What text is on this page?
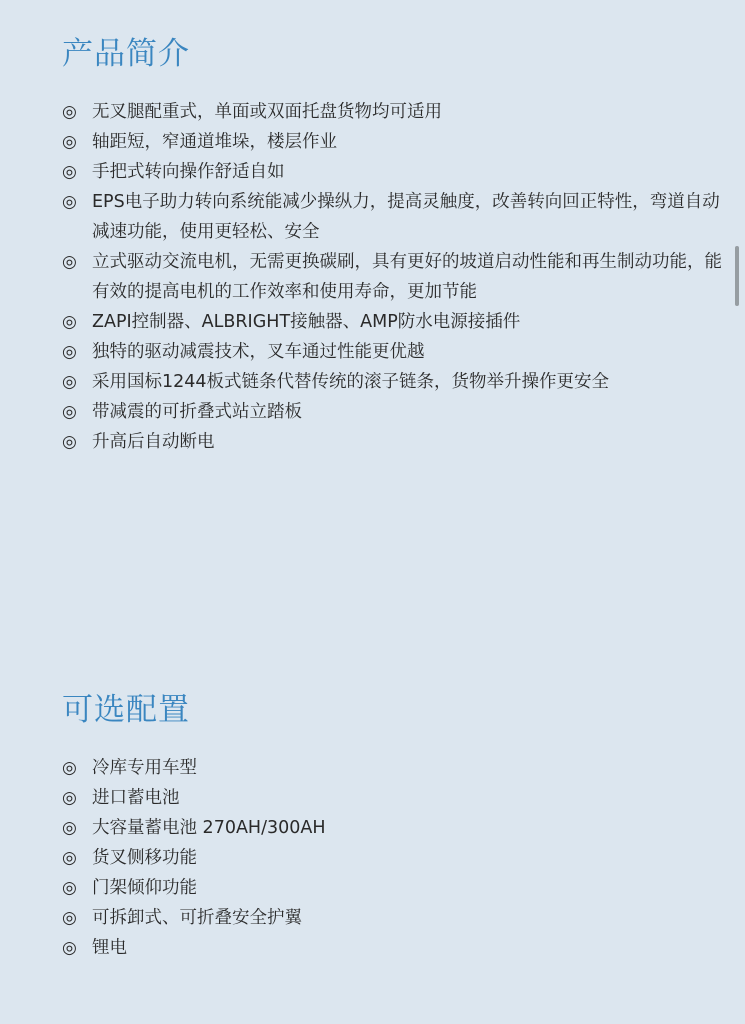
产品简介
◎ 无叉腿配重式，单面或双面托盘货物均可适用
◎ 轴距短，窄通道堆垛，楼层作业
◎ 手把式转向操作舒适自如
◎ EPS电子助力转向系统能减少操纵力，提高灵触度，改善转向回正特性，弯道自动减速功能，使用更轻松、安全
◎ 立式驱动交流电机，无需更换碳刷，具有更好的坡道启动性能和再生制动功能，能有效的提高电机的工作效率和使用寿命，更加节能
◎ ZAPI控制器、ALBRIGHT接触器、AMP防水电源接插件
◎ 独特的驱动减震技术，叉车通过性能更优越
◎ 采用国标1244板式链条代替传统的滚子链条，货物举升操作更安全
◎ 带减震的可折叠式站立踏板
◎ 升高后自动断电
可选配置
◎ 冷库专用车型
◎ 进口蓄电池
◎ 大容量蓄电池 270AH/300AH
◎ 货叉侧移功能
◎ 门架倾仰功能
◎ 可拆卸式、可折叠安全护翼
◎ 锂电
